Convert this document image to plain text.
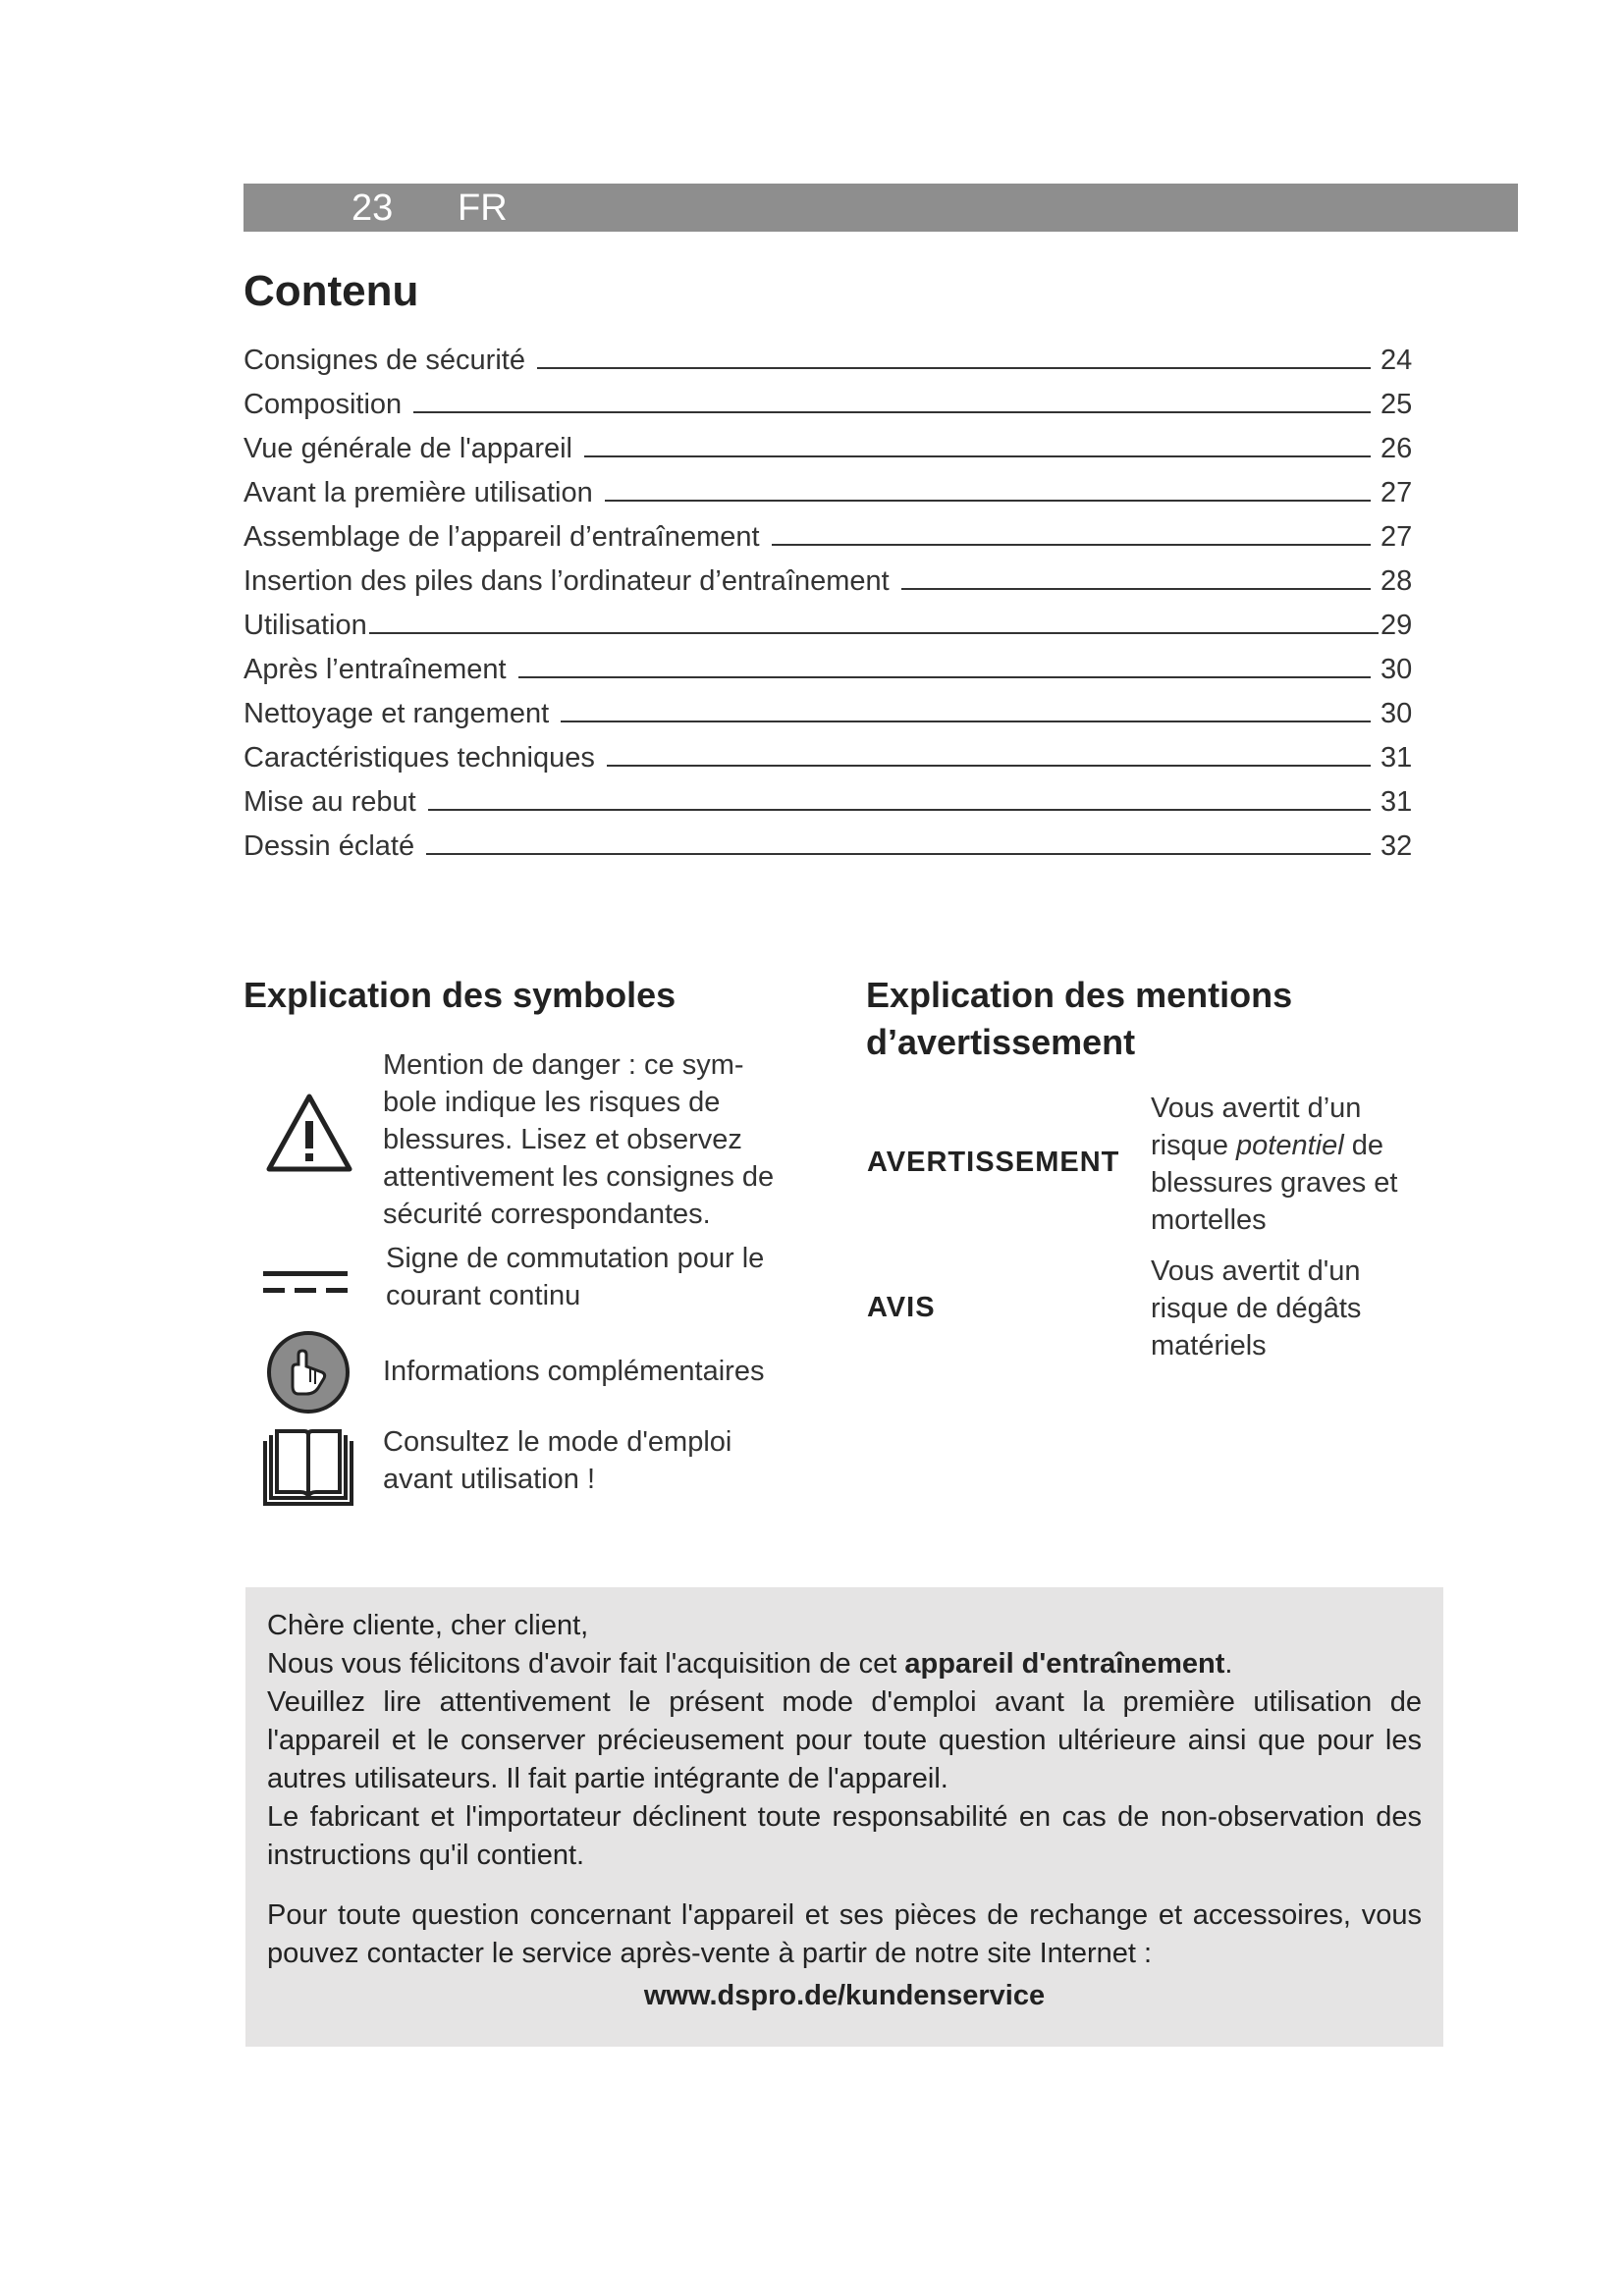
23 FR
Contenu
Consignes de sécurité	24
Composition	25
Vue générale de l'appareil	26
Avant la première utilisation	27
Assemblage de l’appareil d’entraînement	27
Insertion des piles dans l’ordinateur d’entraînement	28
Utilisation	29
Après l’entraînement	30
Nettoyage et rangement	30
Caractéristiques techniques	31
Mise au rebut	31
Dessin éclaté	32
Explication des symboles
Mention de danger : ce sym-
bole indique les risques de
blessures. Lisez et observez
attentivement les consignes de
sécurité correspondantes.
Signe de commutation pour le
courant continu
Informations complémentaires
Consultez le mode d'emploi
avant utilisation !
Explication des mentions
d’avertissement
AVERTISSEMENT
Vous avertit d’un
risque potentiel de
blessures graves et
mortelles
AVIS
Vous avertit d'un
risque de dégâts
matériels

Chère cliente, cher client,

Nous vous félicitons d'avoir fait l'acquisition de cet appareil d'entraînement.

Veuillez lire attentivement le présent mode d'emploi avant la première utilisation de l'appareil et le conserver précieusement pour toute question ultérieure ainsi que pour les autres utilisateurs. Il fait partie intégrante de l'appareil.

Le fabricant et l'importateur déclinent toute responsabilité en cas de non-observation des instructions qu'il contient.

Pour toute question concernant l'appareil et ses pièces de rechange et accessoires, vous pouvez contacter le service après-vente à partir de notre site Internet :

www.dspro.de/kundenservice
